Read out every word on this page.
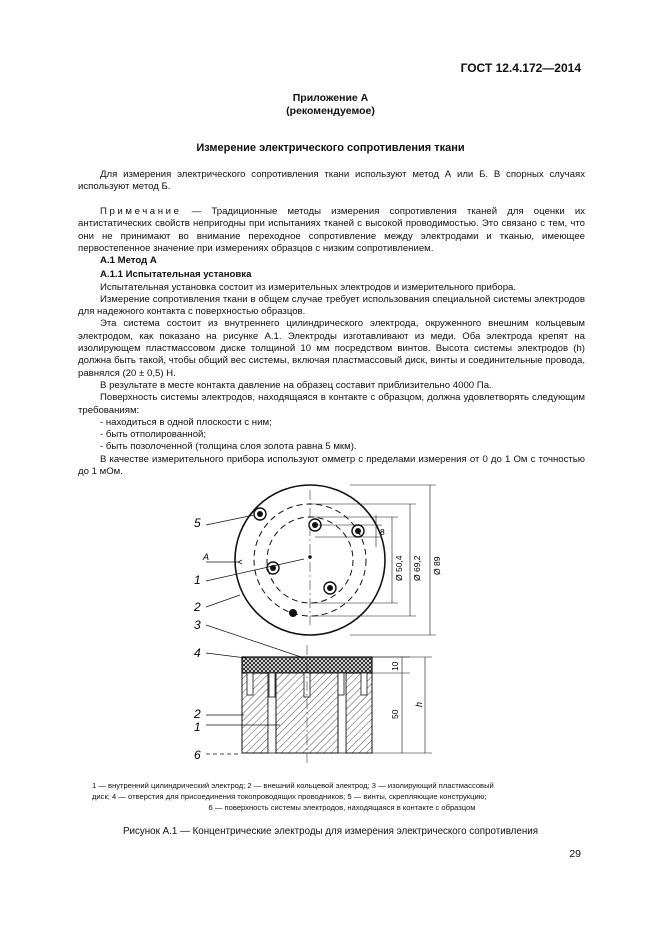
ГОСТ 12.4.172—2014
Приложение А
(рекомендуемое)
Измерение электрического сопротивления ткани

Для измерения электрического сопротивления ткани используют метод А или Б. В спорных случаях используют метод Б.

Примечание — Традиционные методы измерения сопротивления тканей для оценки их антистатических свойств непригодны при испытаниях тканей с высокой проводимостью. Это связано с тем, что они не принимают во внимание переходное сопротивление между электродами и тканью, имеющее первостепенное значение при измерениях образцов с низким сопротивлением.

А.1 Метод А

А.1.1 Испытательная установка

Испытательная установка состоит из измерительных электродов и измерительного прибора.

Измерение сопротивления ткани в общем случае требует использования специальной системы электродов для надежного контакта с поверхностью образцов.

Эта система состоит из внутреннего цилиндрического электрода, окруженного внешним кольцевым электродом, как показано на рисунке А.1. Электроды изготавливают из меди. Оба электрода крепят на изолирующем пластмассовом диске толщиной 10 мм посредством винтов. Высота системы электродов (h) должна быть такой, чтобы общий вес системы, включая пластмассовый диск, винты и соединительные провода, равнялся (20 ± 0,5) Н.

В результате в месте контакта давление на образец составит приблизительно 4000 Па.

Поверхность системы электродов, находящаяся в контакте с образцом, должна удовлетворять следующим требованиям:

- находиться в одной плоскости с ним;

- быть отполированной;

- быть позолоченной (толщина слоя золота равна 5 мкм).

В качестве измерительного прибора используют омметр с пределами измерения от 0 до 1 Ом с точностью до 1 мОм.

5
1
2
А
8
Ø 50,4 Ø 69,2 Ø 89
3
4
2
1
6
10
50
h

1 — внутренний цилиндрический электрод; 2 — внешний кольцевой электрод; 3 — изолирующий пластмассовый

диск; 4 — отверстия для присоединения токопроводящих проводников; 5 — винты, скрепляющие конструкцию;

6 — поверхность системы электродов, находящаяся в контакте с образцом

Рисунок А.1 — Концентрические электроды для измерения электрического сопротивления
29
